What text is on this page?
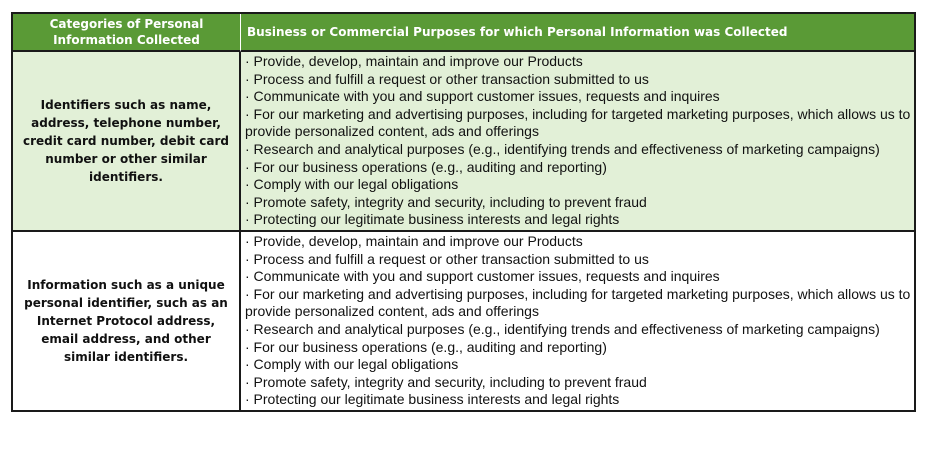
Categories of Personal Information Collected
Business or Commercial Purposes for which Personal Information was Collected
Identifiers such as name, address, telephone number, credit card number, debit card number or other similar identifiers.
· Provide, develop, maintain and improve our Products
· Process and fulfill a request or other transaction submitted to us
· Communicate with you and support customer issues, requests and inquires
· For our marketing and advertising purposes, including for targeted marketing purposes, which allows us to provide personalized content, ads and offerings
· Research and analytical purposes (e.g., identifying trends and effectiveness of marketing campaigns)
· For our business operations (e.g., auditing and reporting)
· Comply with our legal obligations
· Promote safety, integrity and security, including to prevent fraud
· Protecting our legitimate business interests and legal rights
Information such as a unique personal identifier, such as an Internet Protocol address, email address, and other similar identifiers.
· Provide, develop, maintain and improve our Products
· Process and fulfill a request or other transaction submitted to us
· Communicate with you and support customer issues, requests and inquires
· For our marketing and advertising purposes, including for targeted marketing purposes, which allows us to provide personalized content, ads and offerings
· Research and analytical purposes (e.g., identifying trends and effectiveness of marketing campaigns)
· For our business operations (e.g., auditing and reporting)
· Comply with our legal obligations
· Promote safety, integrity and security, including to prevent fraud
· Protecting our legitimate business interests and legal rights
